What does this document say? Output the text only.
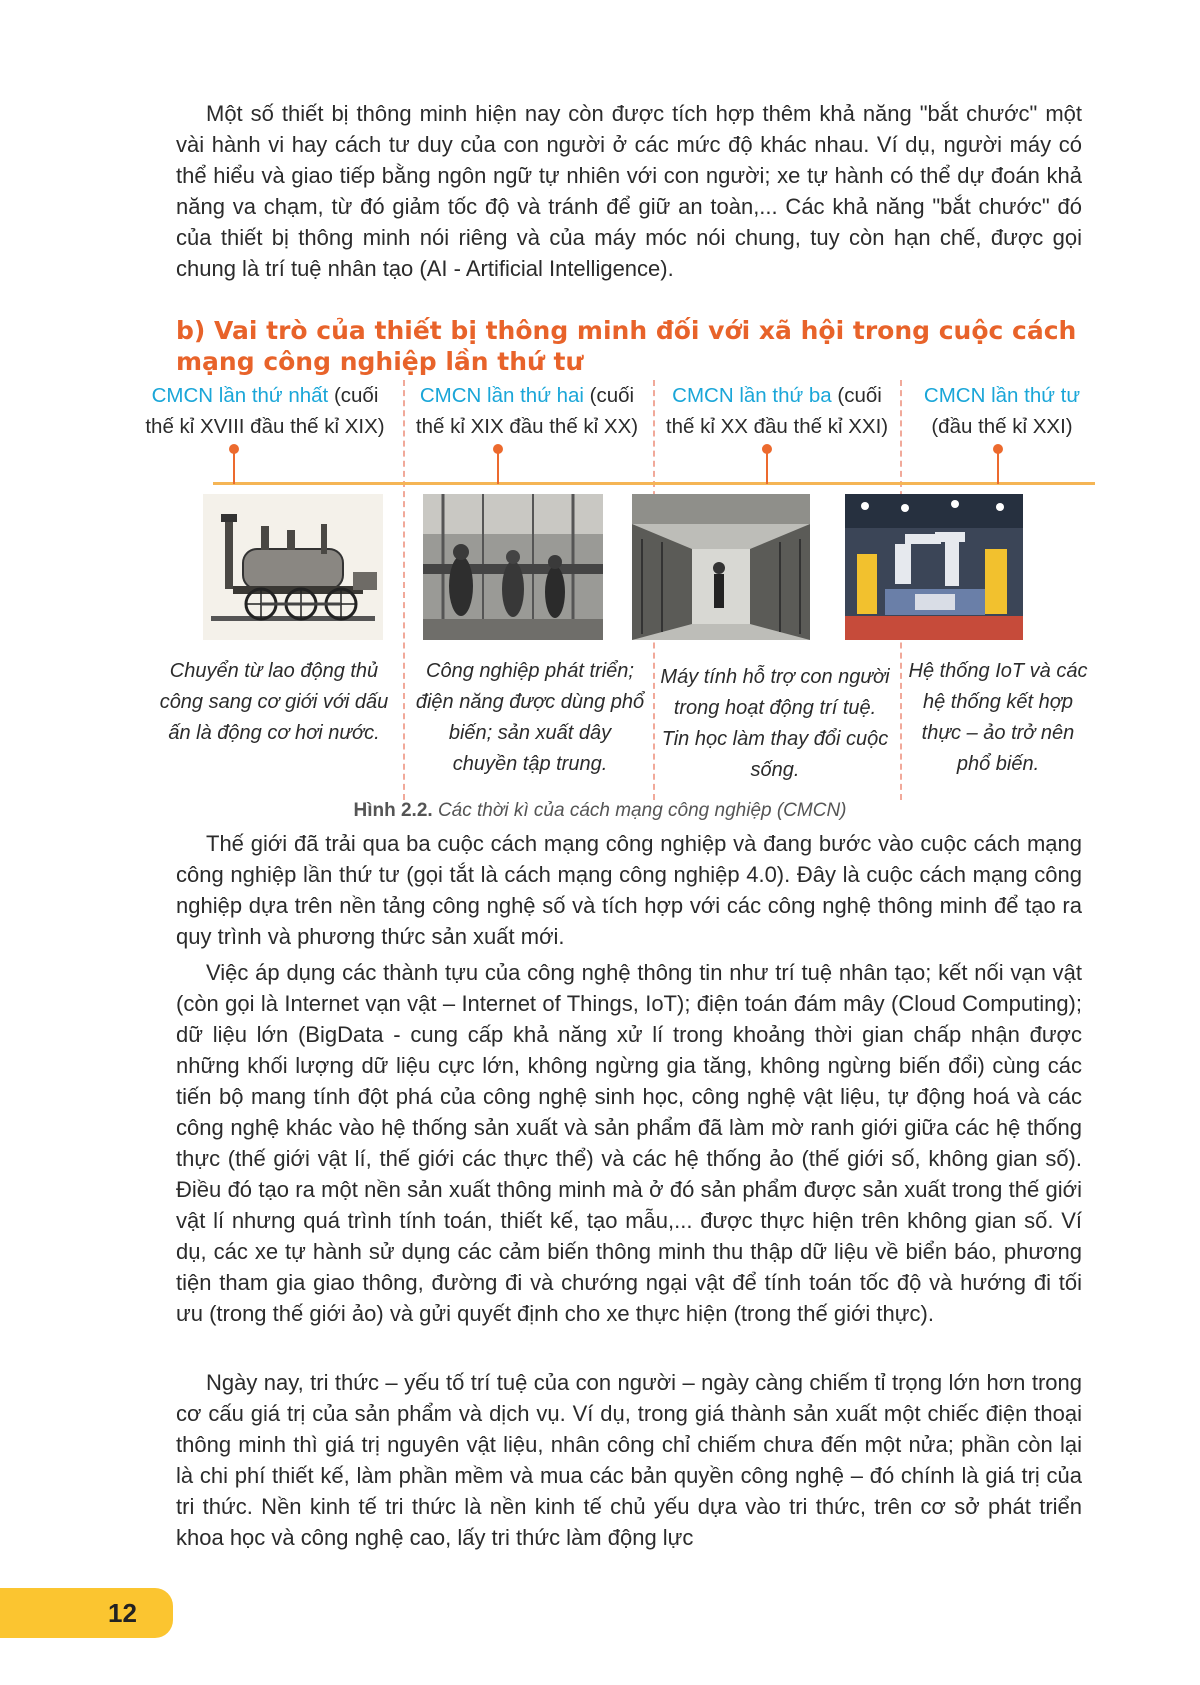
Một số thiết bị thông minh hiện nay còn được tích hợp thêm khả năng "bắt chước" một vài hành vi hay cách tư duy của con người ở các mức độ khác nhau. Ví dụ, người máy có thể hiểu và giao tiếp bằng ngôn ngữ tự nhiên với con người; xe tự hành có thể dự đoán khả năng va chạm, từ đó giảm tốc độ và tránh để giữ an toàn,... Các khả năng "bắt chước" đó của thiết bị thông minh nói riêng và của máy móc nói chung, tuy còn hạn chế, được gọi chung là trí tuệ nhân tạo (AI - Artificial Intelligence).

b) Vai trò của thiết bị thông minh đối với xã hội trong cuộc cách mạng công nghiệp lần thứ tư
CMCN lần thứ nhất (cuối
thế kỉ XVIII đầu thế kỉ XIX)
CMCN lần thứ hai (cuối
thế kỉ XIX đầu thế kỉ XX)
CMCN lần thứ ba (cuối
thế kỉ XX đầu thế kỉ XXI)
CMCN lần thứ tư
(đầu thế kỉ XXI)
Chuyển từ lao động thủ công sang cơ giới với dấu ấn là động cơ hơi nước.
Công nghiệp phát triển; điện năng được dùng phổ biến; sản xuất dây chuyền tập trung.
Máy tính hỗ trợ con người trong hoạt động trí tuệ. Tin học làm thay đổi cuộc sống.
Hệ thống IoT và các hệ thống kết hợp thực – ảo trở nên phổ biến.
Hình 2.2. Các thời kì của cách mạng công nghiệp (CMCN)

Thế giới đã trải qua ba cuộc cách mạng công nghiệp và đang bước vào cuộc cách mạng công nghiệp lần thứ tư (gọi tắt là cách mạng công nghiệp 4.0). Đây là cuộc cách mạng công nghiệp dựa trên nền tảng công nghệ số và tích hợp với các công nghệ thông minh để tạo ra quy trình và phương thức sản xuất mới.

Việc áp dụng các thành tựu của công nghệ thông tin như trí tuệ nhân tạo; kết nối vạn vật (còn gọi là Internet vạn vật – Internet of Things, IoT); điện toán đám mây (Cloud Computing); dữ liệu lớn (BigData - cung cấp khả năng xử lí trong khoảng thời gian chấp nhận được những khối lượng dữ liệu cực lớn, không ngừng gia tăng, không ngừng biến đổi) cùng các tiến bộ mang tính đột phá của công nghệ sinh học, công nghệ vật liệu, tự động hoá và các công nghệ khác vào hệ thống sản xuất và sản phẩm đã làm mờ ranh giới giữa các hệ thống thực (thế giới vật lí, thế giới các thực thể) và các hệ thống ảo (thế giới số, không gian số). Điều đó tạo ra một nền sản xuất thông minh mà ở đó sản phẩm được sản xuất trong thế giới vật lí nhưng quá trình tính toán, thiết kế, tạo mẫu,... được thực hiện trên không gian số. Ví dụ, các xe tự hành sử dụng các cảm biến thông minh thu thập dữ liệu về biển báo, phương tiện tham gia giao thông, đường đi và chướng ngại vật để tính toán tốc độ và hướng đi tối ưu (trong thế giới ảo) và gửi quyết định cho xe thực hiện (trong thế giới thực).

Ngày nay, tri thức – yếu tố trí tuệ của con người – ngày càng chiếm tỉ trọng lớn hơn trong cơ cấu giá trị của sản phẩm và dịch vụ. Ví dụ, trong giá thành sản xuất một chiếc điện thoại thông minh thì giá trị nguyên vật liệu, nhân công chỉ chiếm chưa đến một nửa; phần còn lại là chi phí thiết kế, làm phần mềm và mua các bản quyền công nghệ – đó chính là giá trị của tri thức. Nền kinh tế tri thức là nền kinh tế chủ yếu dựa vào tri thức, trên cơ sở phát triển khoa học và công nghệ cao, lấy tri thức làm động lực

12
